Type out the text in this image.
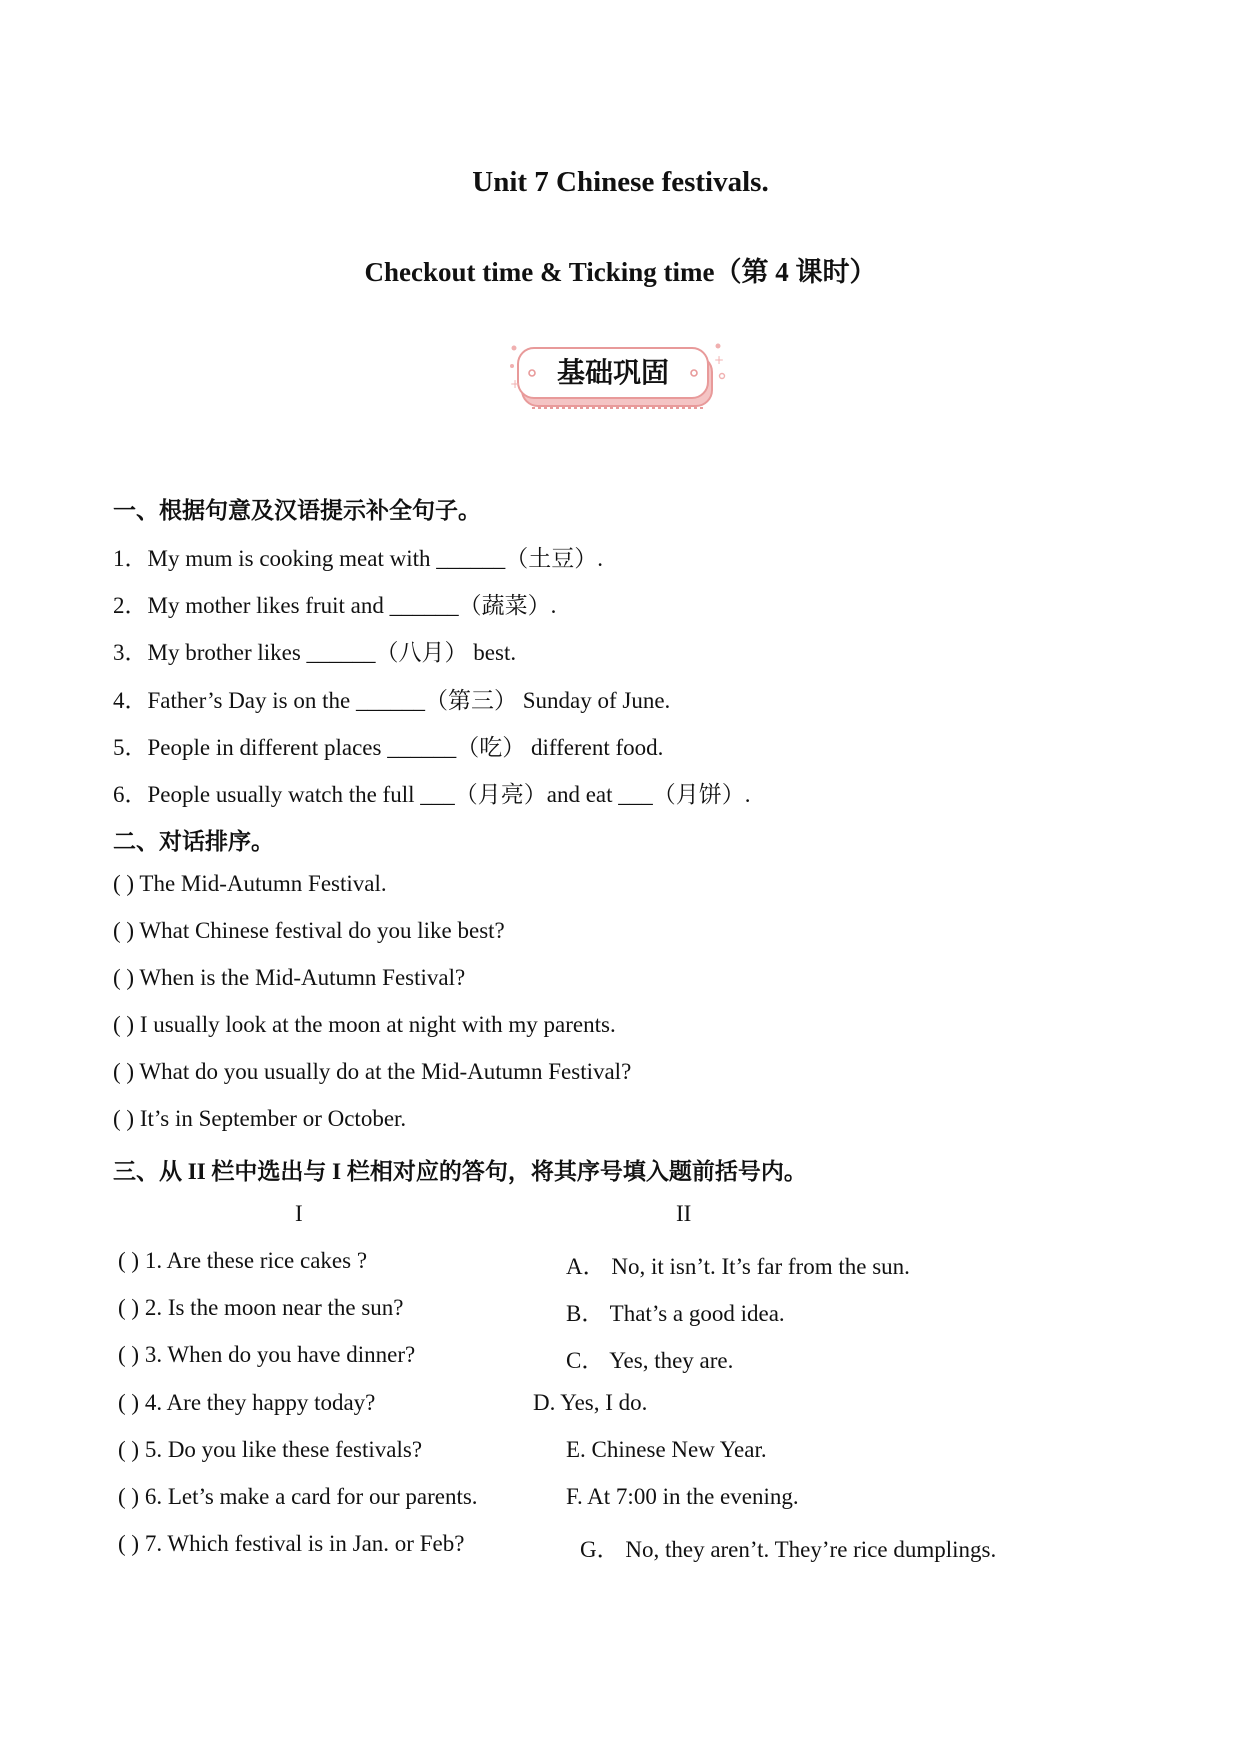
Unit 7 Chinese festivals.
Checkout time & Ticking time（第 4 课时）
+
+
基础巩固
一、根据句意及汉语提示补全句子。
1．My mum is cooking meat with ______（土豆）.
2．My mother likes fruit and ______（蔬菜）.
3．My brother likes ______（八月） best.
4．Father’s Day is on the ______（第三） Sunday of June.
5．People in different places ______（吃） different food.
6．People usually watch the full ___（月亮）and eat ___（月饼）.
二、对话排序。
( ) The Mid-Autumn Festival.
( ) What Chinese festival do you like best?
( ) When is the Mid-Autumn Festival?
( ) I usually look at the moon at night with my parents.
( ) What do you usually do at the Mid-Autumn Festival?
( ) It’s in September or October.
三、从 II 栏中选出与 I 栏相对应的答句，将其序号填入题前括号内。
I	II
( ) 1. Are these rice cakes ?
( ) 2. Is the moon near the sun?
( ) 3. When do you have dinner?
( ) 4. Are they happy today?
( ) 5. Do you like these festivals?
( ) 6. Let’s make a card for our parents.
( ) 7. Which festival is in Jan. or Feb?
A． No, it isn’t. It’s far from the sun.
B． That’s a good idea.
C． Yes, they are.
D. Yes, I do.
E. Chinese New Year.
F. At 7:00 in the evening.
G． No, they aren’t. They’re rice dumplings.
